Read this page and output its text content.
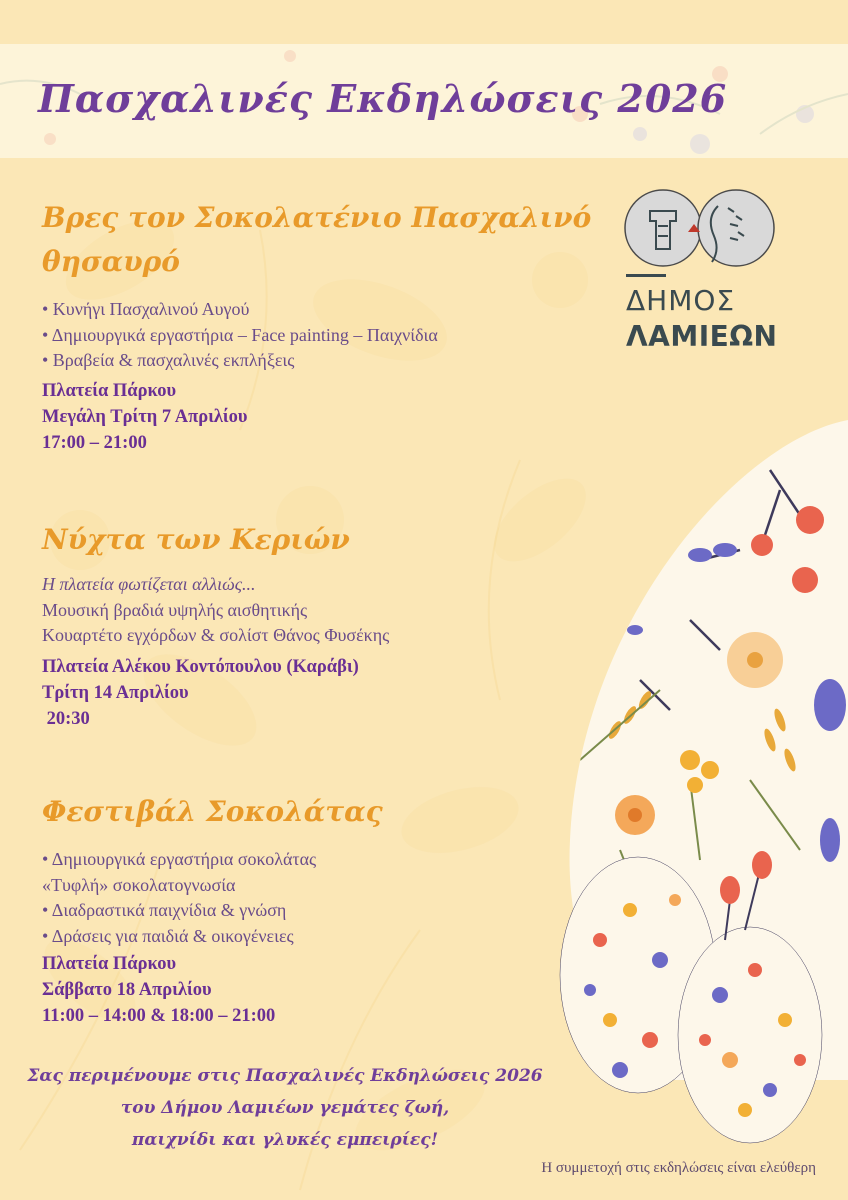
Πασχαλινές Εκδηλώσεις 2026
ΔΗΜΟΣ
ΛΑΜΙΕΩΝ
Βρες τον Σοκολατένιο Πασχαλινό
θησαυρό
• Κυνήγι Πασχαλινού Αυγού
• Δημιουργικά εργαστήρια – Face painting – Παιχνίδια
• Βραβεία & πασχαλινές εκπλήξεις
Πλατεία Πάρκου
Μεγάλη Τρίτη 7 Απριλίου
17:00 – 21:00
Νύχτα των Κεριών
Η πλατεία φωτίζεται αλλιώς...
Μουσική βραδιά υψηλής αισθητικής
Κουαρτέτο εγχόρδων & σολίστ Θάνος Φυσέκης
Πλατεία Αλέκου Κοντόπουλου (Καράβι)
Τρίτη 14 Απριλίου
20:30
Φεστιβάλ Σοκολάτας
• Δημιουργικά εργαστήρια σοκολάτας
«Τυφλή» σοκολατογνωσία
• Διαδραστικά παιχνίδια & γνώση
• Δράσεις για παιδιά & οικογένειες
Πλατεία Πάρκου
Σάββατο 18 Απριλίου
11:00 – 14:00 & 18:00 – 21:00
Σας περιμένουμε στις Πασχαλινές Εκδηλώσεις 2026
του Δήμου Λαμιέων γεμάτες ζωή,
παιχνίδι και γλυκές εμπειρίες!
Η συμμετοχή στις εκδηλώσεις είναι ελεύθερη
